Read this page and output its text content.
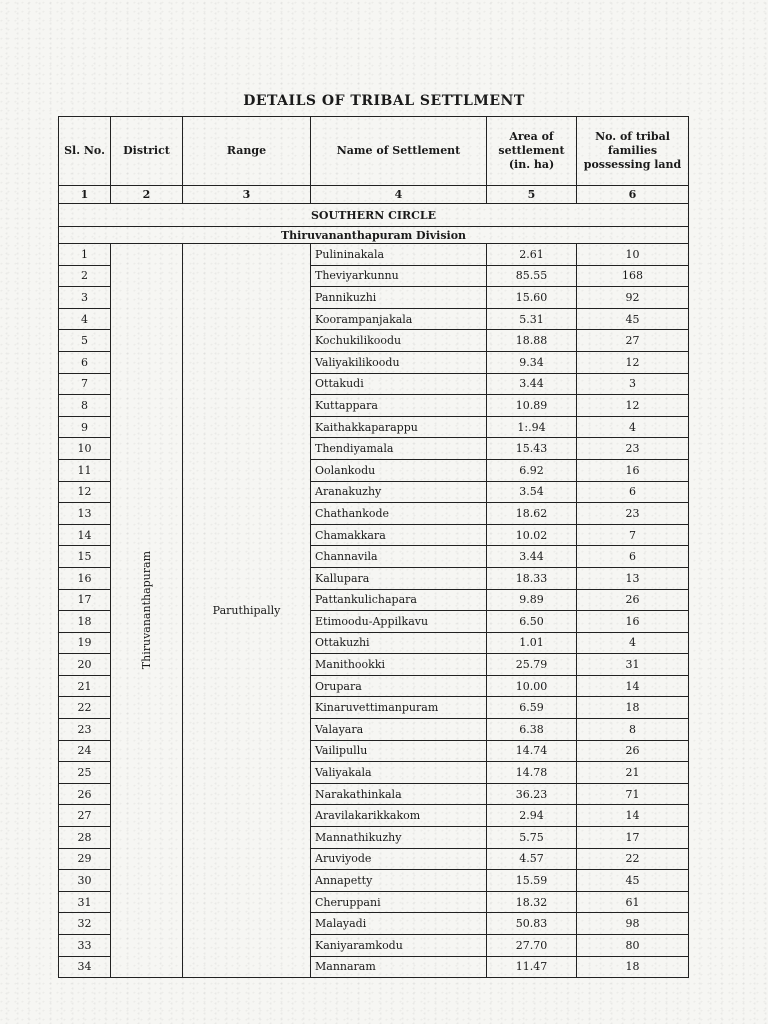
DETAILS OF TRIBAL SETTLMENT
Sl. No.	District	Range	Name of Settlement	Area of settlement (in. ha)	No. of tribal families possessing land
1	2	3	4	5	6
SOUTHERN CIRCLE					
Thiruvananthapuram Division					
1	Thiruvananthapuram	Paruthipally	Pulininakala	2.61	10
2			Theviyarkunnu	85.55	168
3			Pannikuzhi	15.60	92
4			Koorampanjakala	5.31	45
5			Kochukilikoodu	18.88	27
6			Valiyakilikoodu	9.34	12
7			Ottakudi	3.44	3
8			Kuttappara	10.89	12
9			Kaithakkaparappu	1:.94	4
10			Thendiyamala	15.43	23
11			Oolankodu	6.92	16
12			Aranakuzhy	3.54	6
13			Chathankode	18.62	23
14			Chamakkara	10.02	7
15			Channavila	3.44	6
16			Kallupara	18.33	13
17			Pattankulichapara	9.89	26
18			Etimoodu-Appilkavu	6.50	16
19			Ottakuzhi	1.01	4
20			Manithookki	25.79	31
21			Orupara	10.00	14
22			Kinaruvettimanpuram	6.59	18
23			Valayara	6.38	8
24			Vailipullu	14.74	26
25			Valiyakala	14.78	21
26			Narakathinkala	36.23	71
27			Aravilakarikkakom	2.94	14
28			Mannathikuzhy	5.75	17
29			Aruviyode	4.57	22
30			Annapetty	15.59	45
31			Cheruppani	18.32	61
32			Malayadi	50.83	98
33			Kaniyaramkodu	27.70	80
34			Mannaram	11.47	18
